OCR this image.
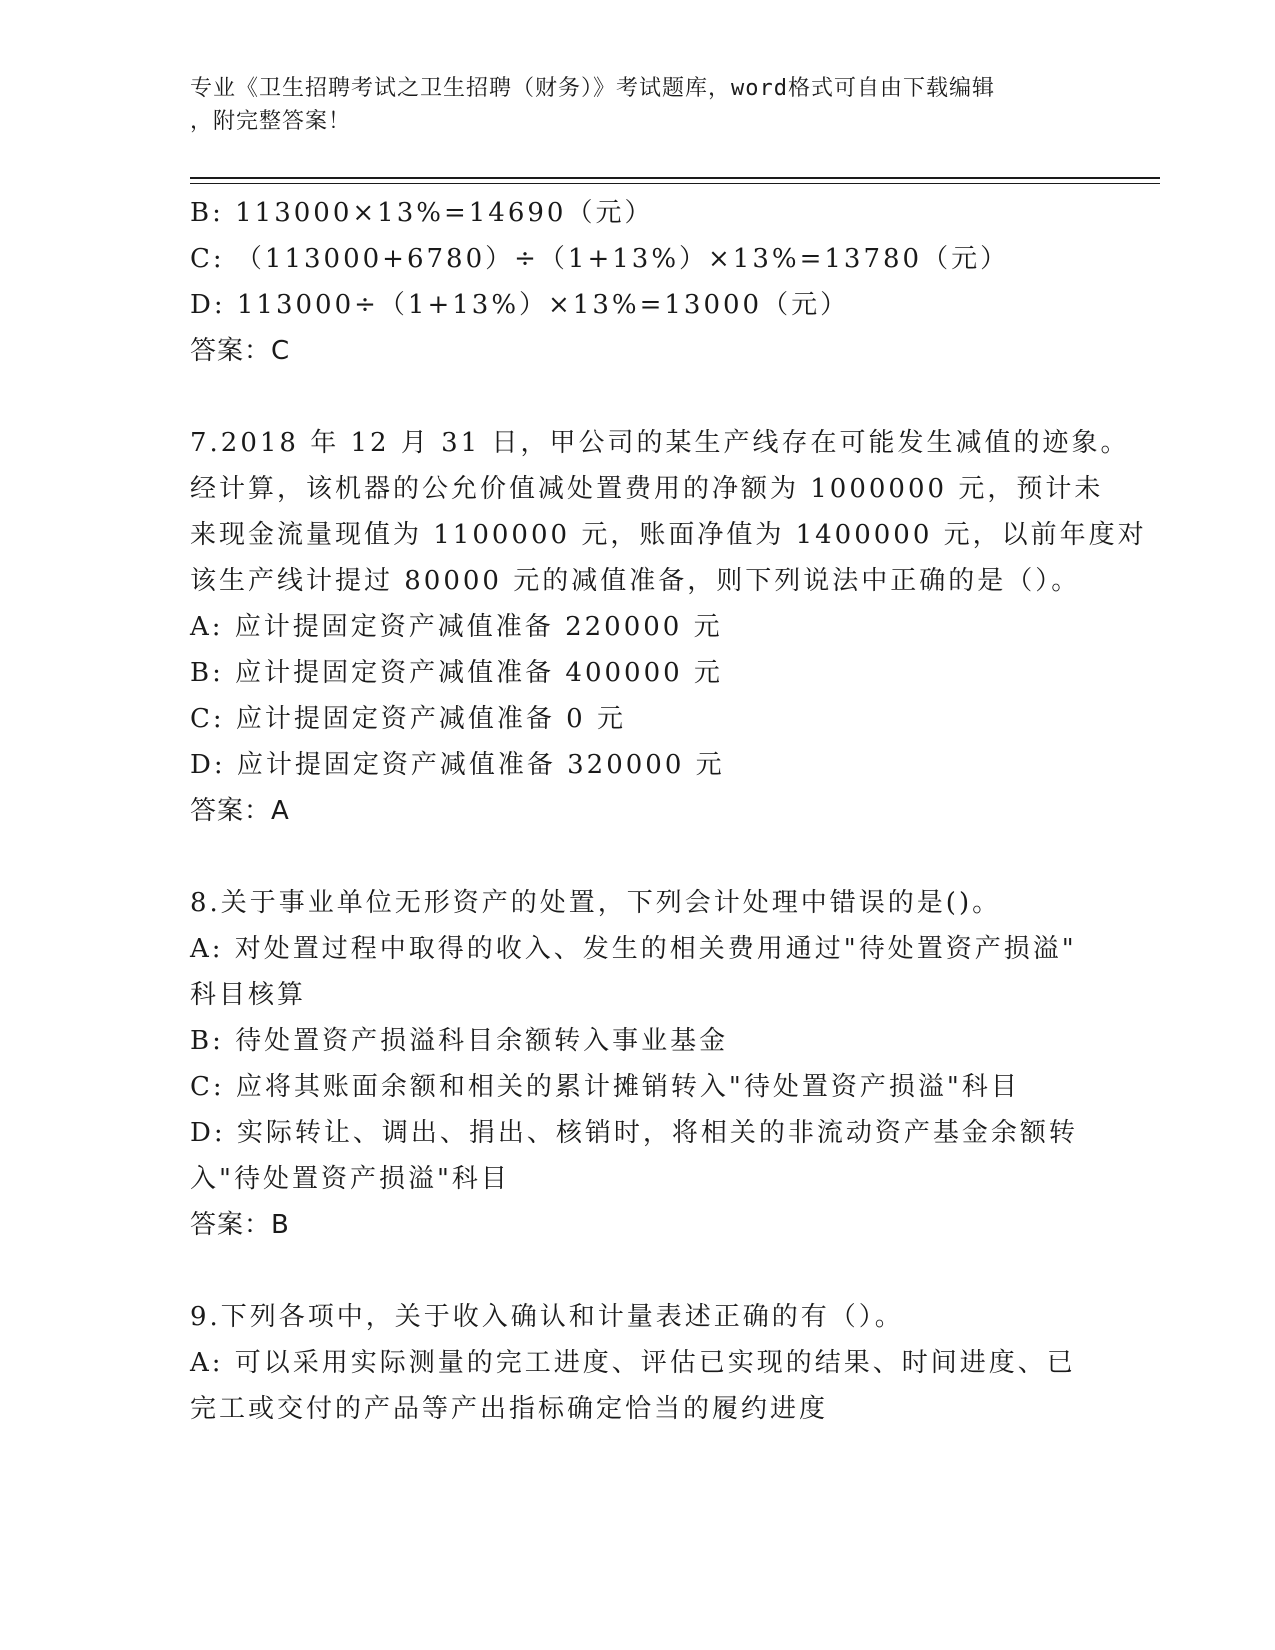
专业《卫生招聘考试之卫生招聘（财务）》考试题库，word格式可自由下载编辑
，附完整答案！
B: 113000×13%=14690（元）
C: （113000+6780）÷（1+13%）×13%=13780（元）
D: 113000÷（1+13%）×13%=13000（元）
答案：C
7.2018 年 12 月 31 日，甲公司的某生产线存在可能发生减值的迹象。
经计算，该机器的公允价值减处置费用的净额为 1000000 元，预计未
来现金流量现值为 1100000 元，账面净值为 1400000 元，以前年度对
该生产线计提过 80000 元的减值准备，则下列说法中正确的是（）。
A: 应计提固定资产减值准备 220000 元
B: 应计提固定资产减值准备 400000 元
C: 应计提固定资产减值准备 0 元
D: 应计提固定资产减值准备 320000 元
答案：A
8.关于事业单位无形资产的处置，下列会计处理中错误的是()。
A: 对处置过程中取得的收入、发生的相关费用通过"待处置资产损溢"
科目核算
B: 待处置资产损溢科目余额转入事业基金
C: 应将其账面余额和相关的累计摊销转入"待处置资产损溢"科目
D: 实际转让、调出、捐出、核销时，将相关的非流动资产基金余额转
入"待处置资产损溢"科目
答案：B
9.下列各项中，关于收入确认和计量表述正确的有（）。
A: 可以采用实际测量的完工进度、评估已实现的结果、时间进度、已
完工或交付的产品等产出指标确定恰当的履约进度
